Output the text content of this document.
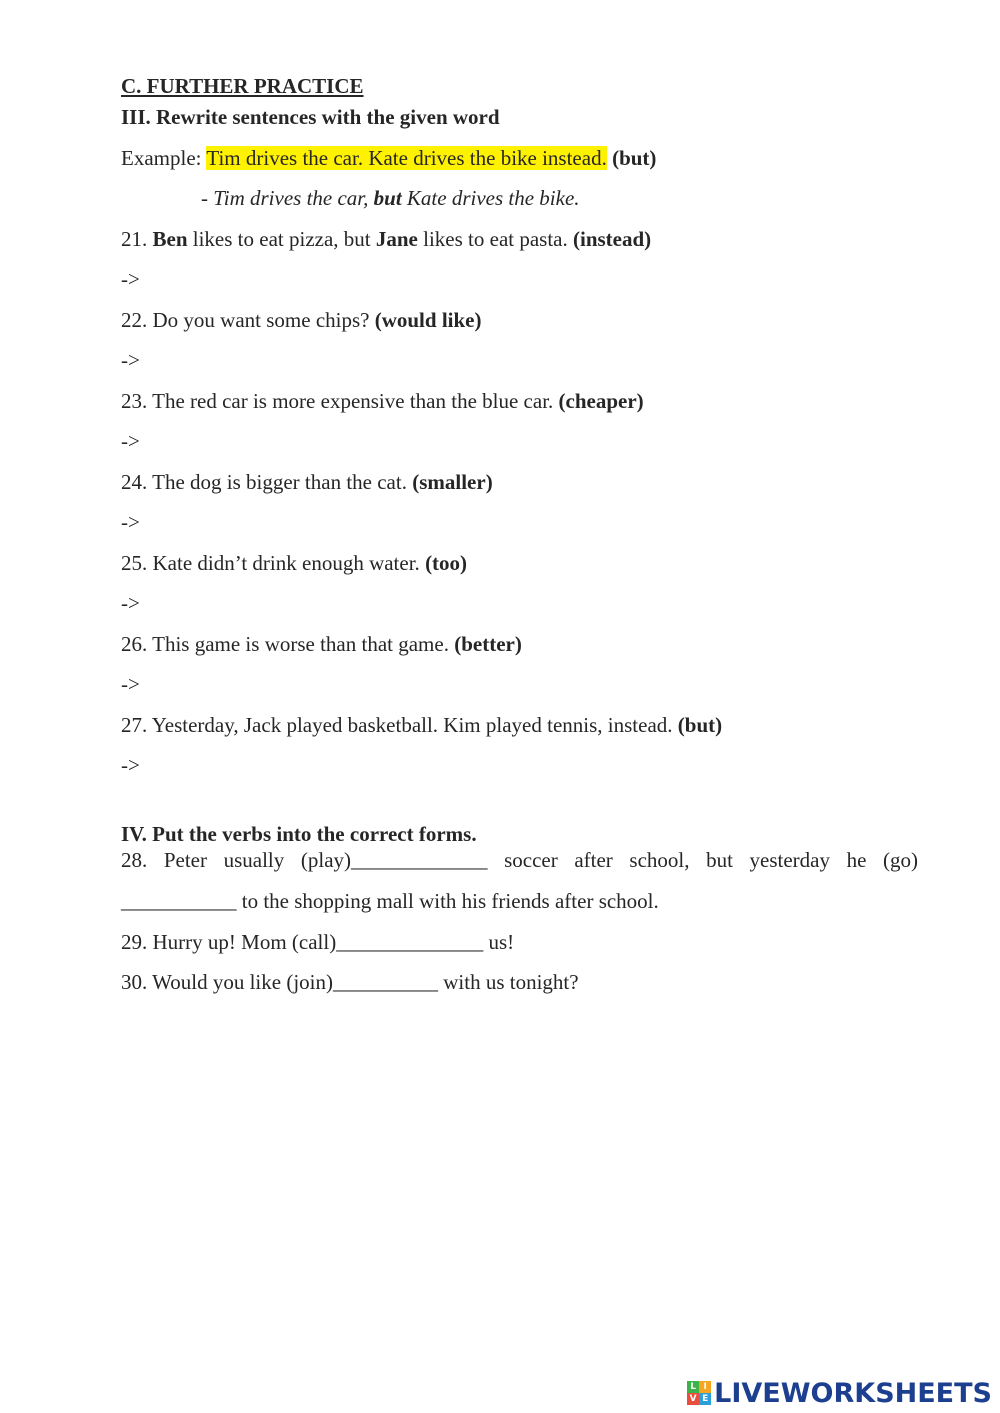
C. FURTHER PRACTICE
III. Rewrite sentences with the given word
Example: Tim drives the car. Kate drives the bike instead. (but)
- Tim drives the car, but Kate drives the bike.
21. Ben likes to eat pizza, but Jane likes to eat pasta. (instead)
->
22. Do you want some chips? (would like)
->
23. The red car is more expensive than the blue car. (cheaper)
->
24. The dog is bigger than the cat. (smaller)
->
25. Kate didn’t drink enough water. (too)
->
26. This game is worse than that game. (better)
->
27. Yesterday, Jack played basketball. Kim played tennis, instead. (but)
->
IV. Put the verbs into the correct forms.
28. Peter usually (play)_____________ soccer after school, but yesterday he (go)
___________ to the shopping mall with his friends after school.
29. Hurry up! Mom (call)______________ us!
30. Would you like (join)__________ with us tonight?
L I
V E LIVEWORKSHEETS
